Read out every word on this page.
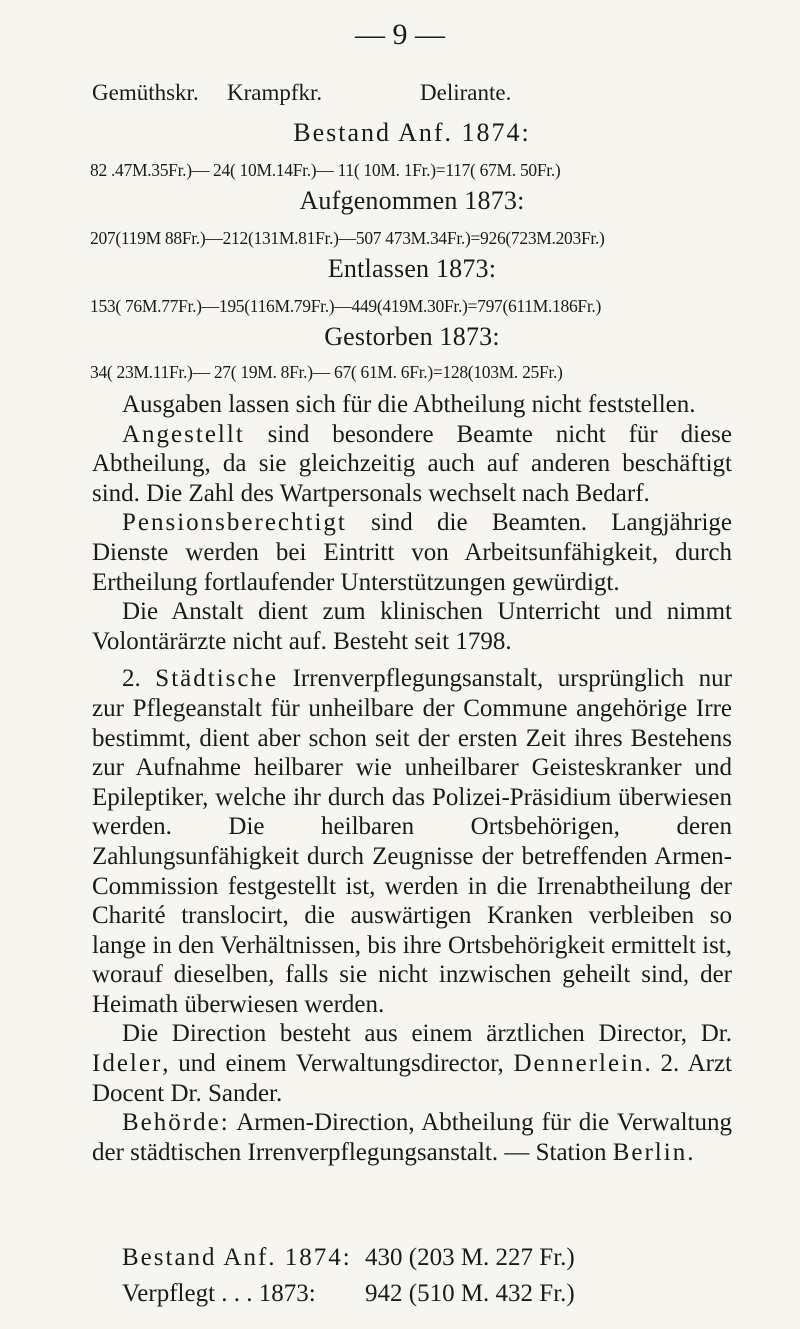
— 9 —
Gemüthskr.	Krampfkr.	Delirante.
Bestand Anf. 1874:
82 .47M.35Fr.)— 24( 10M.14Fr.)— 11( 10M. 1Fr.)=117( 67M. 50Fr.)
Aufgenommen 1873:
207(119M 88Fr.)—212(131M.81Fr.)—507 473M.34Fr.)=926(723M.203Fr.)
Entlassen 1873:
153( 76M.77Fr.)—195(116M.79Fr.)—449(419M.30Fr.)=797(611M.186Fr.)
Gestorben 1873:
34( 23M.11Fr.)— 27( 19M. 8Fr.)— 67( 61M. 6Fr.)=128(103M. 25Fr.)

Ausgaben lassen sich für die Abtheilung nicht feststellen.

Angestellt sind besondere Beamte nicht für diese Abtheilung, da sie gleichzeitig auch auf anderen beschäftigt sind. Die Zahl des Wartpersonals wechselt nach Bedarf.

Pensionsberechtigt sind die Beamten. Langjährige Dienste werden bei Eintritt von Arbeitsunfähigkeit, durch Ertheilung fortlaufender Unterstützungen gewürdigt.

Die Anstalt dient zum klinischen Unterricht und nimmt Volontärärzte nicht auf. Besteht seit 1798.

2. Städtische Irrenverpflegungsanstalt, ursprünglich nur zur Pflegeanstalt für unheilbare der Commune angehörige Irre bestimmt, dient aber schon seit der ersten Zeit ihres Bestehens zur Aufnahme heilbarer wie unheilbarer Geisteskranker und Epileptiker, welche ihr durch das Polizei-Präsidium überwiesen werden. Die heilbaren Ortsbehörigen, deren Zahlungsunfähigkeit durch Zeugnisse der betreffenden Armen-Commission festgestellt ist, werden in die Irrenabtheilung der Charité translocirt, die auswärtigen Kranken verbleiben so lange in den Verhältnissen, bis ihre Ortsbehörigkeit ermittelt ist, worauf dieselben, falls sie nicht inzwischen geheilt sind, der Heimath überwiesen werden.

Die Direction besteht aus einem ärztlichen Director, Dr. Ideler, und einem Verwaltungsdirector, Dennerlein. 2. Arzt Docent Dr. Sander.

Behörde: Armen-Direction, Abtheilung für die Verwaltung der städtischen Irrenverpflegungsanstalt. — Station Berlin.

Bestand Anf. 1874: 430 (203 M. 227 Fr.)
Verpflegt . . . 1873: 942 (510 M. 432 Fr.)
